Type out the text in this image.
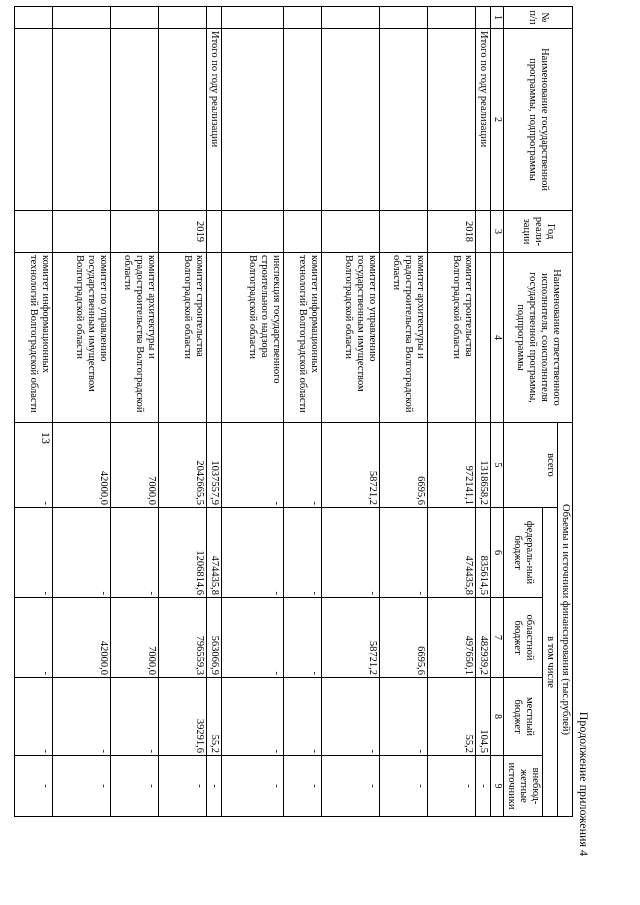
13
Продолжение приложения 4
№ п/п	Наименование государственной программы, подпрограммы	Год реали-зации	Наименование ответственного исполнителя, соисполнителя государственной программы, подпрограммы	Объемы и источники финансирования (тыс.рублей)				
				всего	в том числе			
					федераль-ный бюджет	областной бюджет	местный бюджет	внебюд-жетные источники
1	2	3	4	5	6	7	8	9
	Итого по году реализации			1318658,2	835614,5	482939,2	104,5	-
		2018	комитет строительства Волгоградской области	972141,1	474435,8	497650,1	55,2	-
			комитет архитектуры и градостроительства Волгоградской области	6695,6	-	6695,6	-	-
			комитет по управлению государственным имуществом Волгоградской области	58721,2	-	58721,2	-	-
			комитет информационных технологий Волгоградской области	-	-	-	-	-
			инспекция государственного строительного надзора Волгоградской области	-	-	-	-	-
	Итого по году реализации			1037557,9	474435,8	563066,9	55,2	-
		2019	комитет строительства Волгоградской области	2042665,5	1206814,6	796559,3	39291,6	-
			комитет архитектуры и градостроительства Волгоградской области	7000,0	-	7000,0	-	-
			комитет по управлению государственным имуществом Волгоградской области	42000,0	-	42000,0	-	-
			комитет информационных технологий Волгоградской области	-	-	-	-	-
